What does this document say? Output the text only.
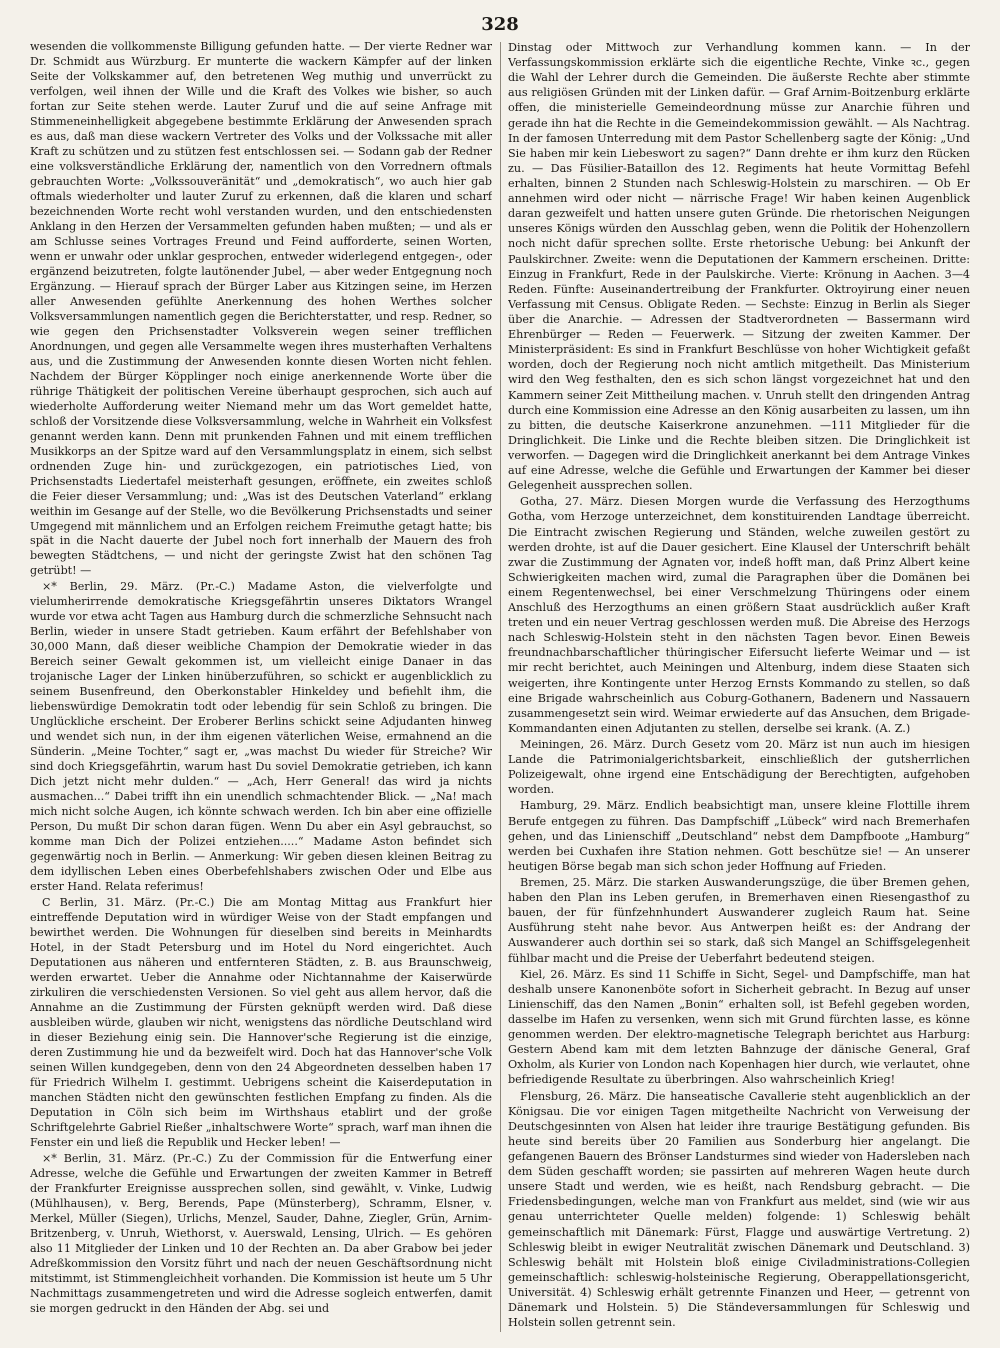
328

wesenden die vollkommenste Billigung gefunden hatte. — Der vierte Redner war Dr. Schmidt aus Würzburg. Er munterte die wackern Kämpfer auf der linken Seite der Volkskammer auf, den betretenen Weg muthig und unverrückt zu verfolgen, weil ihnen der Wille und die Kraft des Volkes wie bisher, so auch fortan zur Seite stehen werde. Lauter Zuruf und die auf seine Anfrage mit Stimmeneinhelligkeit abgegebene bestimmte Erklärung der Anwesenden sprach es aus, daß man diese wackern Vertreter des Volks und der Volkssache mit aller Kraft zu schützen und zu stützen fest entschlossen sei. — Sodann gab der Redner eine volksverständliche Erklärung der, namentlich von den Vorrednern oftmals gebrauchten Worte: „Volkssouveränität“ und „demokratisch“, wo auch hier gab oftmals wiederholter und lauter Zuruf zu erkennen, daß die klaren und scharf bezeichnenden Worte recht wohl verstanden wurden, und den entschiedensten Anklang in den Herzen der Versammelten gefunden haben mußten; — und als er am Schlusse seines Vortrages Freund und Feind aufforderte, seinen Worten, wenn er unwahr oder unklar gesprochen, entweder widerlegend entgegen-, oder ergänzend beizutreten, folgte lautönender Jubel, — aber weder Entgegnung noch Ergänzung. — Hierauf sprach der Bürger Laber aus Kitzingen seine, im Herzen aller Anwesenden gefühlte Anerkennung des hohen Werthes solcher Volksversammlungen namentlich gegen die Berichterstatter, und resp. Redner, so wie gegen den Prichsenstadter Volksverein wegen seiner trefflichen Anordnungen, und gegen alle Versammelte wegen ihres musterhaften Verhaltens aus, und die Zustimmung der Anwesenden konnte diesen Worten nicht fehlen. Nachdem der Bürger Köpplinger noch einige anerkennende Worte über die rührige Thätigkeit der politischen Vereine überhaupt gesprochen, sich auch auf wiederholte Aufforderung weiter Niemand mehr um das Wort gemeldet hatte, schloß der Vorsitzende diese Volksversammlung, welche in Wahrheit ein Volksfest genannt werden kann. Denn mit prunkenden Fahnen und mit einem trefflichen Musikkorps an der Spitze ward auf den Versammlungsplatz in einem, sich selbst ordnenden Zuge hin- und zurückgezogen, ein patriotisches Lied, von Prichsenstadts Liedertafel meisterhaft gesungen, eröffnete, ein zweites schloß die Feier dieser Versammlung; und: „Was ist des Deutschen Vaterland“ erklang weithin im Gesange auf der Stelle, wo die Bevölkerung Prichsenstadts und seiner Umgegend mit männlichem und an Erfolgen reichem Freimuthe getagt hatte; bis spät in die Nacht dauerte der Jubel noch fort innerhalb der Mauern des froh bewegten Städtchens, — und nicht der geringste Zwist hat den schönen Tag getrübt! —

×* Berlin, 29. März. (Pr.-C.) Madame Aston, die vielverfolgte und vielumherirrende demokratische Kriegsgefährtin unseres Diktators Wrangel wurde vor etwa acht Tagen aus Hamburg durch die schmerzliche Sehnsucht nach Berlin, wieder in unsere Stadt getrieben. Kaum erfährt der Befehlshaber von 30,000 Mann, daß dieser weibliche Champion der Demokratie wieder in das Bereich seiner Gewalt gekommen ist, um vielleicht einige Danaer in das trojanische Lager der Linken hinüberzuführen, so schickt er augenblicklich zu seinem Busenfreund, den Oberkonstabler Hinkeldey und befiehlt ihm, die liebenswürdige Demokratin todt oder lebendig für sein Schloß zu bringen. Die Unglückliche erscheint. Der Eroberer Berlins schickt seine Adjudanten hinweg und wendet sich nun, in der ihm eigenen väterlichen Weise, ermahnend an die Sünderin. „Meine Tochter,“ sagt er, „was machst Du wieder für Streiche? Wir sind doch Kriegsgefährtin, warum hast Du soviel Demokratie getrieben, ich kann Dich jetzt nicht mehr dulden.“ — „Ach, Herr General! das wird ja nichts ausmachen...“ Dabei trifft ihn ein unendlich schmachtender Blick. — „Na! mach mich nicht solche Augen, ich könnte schwach werden. Ich bin aber eine offizielle Person, Du mußt Dir schon daran fügen. Wenn Du aber ein Asyl gebrauchst, so komme man Dich der Polizei entziehen.....“ Madame Aston befindet sich gegenwärtig noch in Berlin. — Anmerkung: Wir geben diesen kleinen Beitrag zu dem idyllischen Leben eines Oberbefehlshabers zwischen Oder und Elbe aus erster Hand. Relata referimus!

C Berlin, 31. März. (Pr.-C.) Die am Montag Mittag aus Frankfurt hier eintreffende Deputation wird in würdiger Weise von der Stadt empfangen und bewirthet werden. Die Wohnungen für dieselben sind bereits in Meinhardts Hotel, in der Stadt Petersburg und im Hotel du Nord eingerichtet. Auch Deputationen aus näheren und entfernteren Städten, z. B. aus Braunschweig, werden erwartet. Ueber die Annahme oder Nichtannahme der Kaiserwürde zirkuliren die verschiedensten Versionen. So viel geht aus allem hervor, daß die Annahme an die Zustimmung der Fürsten geknüpft werden wird. Daß diese ausbleiben würde, glauben wir nicht, wenigstens das nördliche Deutschland wird in dieser Beziehung einig sein. Die Hannover'sche Regierung ist die einzige, deren Zustimmung hie und da bezweifelt wird. Doch hat das Hannover'sche Volk seinen Willen kundgegeben, denn von den 24 Abgeordneten desselben haben 17 für Friedrich Wilhelm I. gestimmt. Uebrigens scheint die Kaiserdeputation in manchen Städten nicht den gewünschten festlichen Empfang zu finden. Als die Deputation in Cöln sich beim im Wirthshaus etablirt und der große Schriftgelehrte Gabriel Rießer „inhaltschwere Worte“ sprach, warf man ihnen die Fenster ein und ließ die Republik und Hecker leben! —

×* Berlin, 31. März. (Pr.-C.) Zu der Commission für die Entwerfung einer Adresse, welche die Gefühle und Erwartungen der zweiten Kammer in Betreff der Frankfurter Ereignisse aussprechen sollen, sind gewählt, v. Vinke, Ludwig (Mühlhausen), v. Berg, Berends, Pape (Münsterberg), Schramm, Elsner, v. Merkel, Müller (Siegen), Urlichs, Menzel, Sauder, Dahne, Ziegler, Grün, Arnim-Britzenberg, v. Unruh, Wiethorst, v. Auerswald, Lensing, Ulrich. — Es gehören also 11 Mitglieder der Linken und 10 der Rechten an. Da aber Grabow bei jeder Adreßkommission den Vorsitz führt und nach der neuen Geschäftsordnung nicht mitstimmt, ist Stimmengleichheit vorhanden. Die Kommission ist heute um 5 Uhr Nachmittags zusammengetreten und wird die Adresse sogleich entwerfen, damit sie morgen gedruckt in den Händen der Abg. sei und

Dinstag oder Mittwoch zur Verhandlung kommen kann. — In der Verfassungskommission erklärte sich die eigentliche Rechte, Vinke ꝛc., gegen die Wahl der Lehrer durch die Gemeinden. Die äußerste Rechte aber stimmte aus religiösen Gründen mit der Linken dafür. — Graf Arnim-Boitzenburg erklärte offen, die ministerielle Gemeindeordnung müsse zur Anarchie führen und gerade ihn hat die Rechte in die Gemeindekommission gewählt. — Als Nachtrag. In der famosen Unterredung mit dem Pastor Schellenberg sagte der König: „Und Sie haben mir kein Liebeswort zu sagen?“ Dann drehte er ihm kurz den Rücken zu. — Das Füsilier-Bataillon des 12. Regiments hat heute Vormittag Befehl erhalten, binnen 2 Stunden nach Schleswig-Holstein zu marschiren. — Ob Er annehmen wird oder nicht — närrische Frage! Wir haben keinen Augenblick daran gezweifelt und hatten unsere guten Gründe. Die rhetorischen Neigungen unseres Königs würden den Ausschlag geben, wenn die Politik der Hohenzollern noch nicht dafür sprechen sollte. Erste rhetorische Uebung: bei Ankunft der Paulskirchner. Zweite: wenn die Deputationen der Kammern erscheinen. Dritte: Einzug in Frankfurt, Rede in der Paulskirche. Vierte: Krönung in Aachen. 3—4 Reden. Fünfte: Auseinandertreibung der Frankfurter. Oktroyirung einer neuen Verfassung mit Census. Obligate Reden. — Sechste: Einzug in Berlin als Sieger über die Anarchie. — Adressen der Stadtverordneten — Bassermann wird Ehrenbürger — Reden — Feuerwerk. — Sitzung der zweiten Kammer. Der Ministerpräsident: Es sind in Frankfurt Beschlüsse von hoher Wichtigkeit gefaßt worden, doch der Regierung noch nicht amtlich mitgetheilt. Das Ministerium wird den Weg festhalten, den es sich schon längst vorgezeichnet hat und den Kammern seiner Zeit Mittheilung machen. v. Unruh stellt den dringenden Antrag durch eine Kommission eine Adresse an den König ausarbeiten zu lassen, um ihn zu bitten, die deutsche Kaiserkrone anzunehmen. —111 Mitglieder für die Dringlichkeit. Die Linke und die Rechte bleiben sitzen. Die Dringlichkeit ist verworfen. — Dagegen wird die Dringlichkeit anerkannt bei dem Antrage Vinkes auf eine Adresse, welche die Gefühle und Erwartungen der Kammer bei dieser Gelegenheit aussprechen sollen.

Gotha, 27. März. Diesen Morgen wurde die Verfassung des Herzogthums Gotha, vom Herzoge unterzeichnet, dem konstituirenden Landtage überreicht. Die Eintracht zwischen Regierung und Ständen, welche zuweilen gestört zu werden drohte, ist auf die Dauer gesichert. Eine Klausel der Unterschrift behält zwar die Zustimmung der Agnaten vor, indeß hofft man, daß Prinz Albert keine Schwierigkeiten machen wird, zumal die Paragraphen über die Domänen bei einem Regentenwechsel, bei einer Verschmelzung Thüringens oder einem Anschluß des Herzogthums an einen größern Staat ausdrücklich außer Kraft treten und ein neuer Vertrag geschlossen werden muß. Die Abreise des Herzogs nach Schleswig-Holstein steht in den nächsten Tagen bevor. Einen Beweis freundnachbarschaftlicher thüringischer Eifersucht lieferte Weimar und — ist mir recht berichtet, auch Meiningen und Altenburg, indem diese Staaten sich weigerten, ihre Kontingente unter Herzog Ernsts Kommando zu stellen, so daß eine Brigade wahrscheinlich aus Coburg-Gothanern, Badenern und Nassauern zusammengesetzt sein wird. Weimar erwiederte auf das Ansuchen, dem Brigade-Kommandanten einen Adjutanten zu stellen, derselbe sei krank. (A. Z.)

Meiningen, 26. März. Durch Gesetz vom 20. März ist nun auch im hiesigen Lande die Patrimonialgerichtsbarkeit, einschließlich der gutsherrlichen Polizeigewalt, ohne irgend eine Entschädigung der Berechtigten, aufgehoben worden.

Hamburg, 29. März. Endlich beabsichtigt man, unsere kleine Flottille ihrem Berufe entgegen zu führen. Das Dampfschiff „Lübeck“ wird nach Bremerhafen gehen, und das Linienschiff „Deutschland“ nebst dem Dampfboote „Hamburg“ werden bei Cuxhafen ihre Station nehmen. Gott beschütze sie! — An unserer heutigen Börse begab man sich schon jeder Hoffnung auf Frieden.

Bremen, 25. März. Die starken Auswanderungszüge, die über Bremen gehen, haben den Plan ins Leben gerufen, in Bremerhaven einen Riesengasthof zu bauen, der für fünfzehnhundert Auswanderer zugleich Raum hat. Seine Ausführung steht nahe bevor. Aus Antwerpen heißt es: der Andrang der Auswanderer auch dorthin sei so stark, daß sich Mangel an Schiffsgelegenheit fühlbar macht und die Preise der Ueberfahrt bedeutend steigen.

Kiel, 26. März. Es sind 11 Schiffe in Sicht, Segel- und Dampfschiffe, man hat deshalb unsere Kanonenböte sofort in Sicherheit gebracht. In Bezug auf unser Linienschiff, das den Namen „Bonin“ erhalten soll, ist Befehl gegeben worden, dasselbe im Hafen zu versenken, wenn sich mit Grund fürchten lasse, es könne genommen werden. Der elektro-magnetische Telegraph berichtet aus Harburg: Gestern Abend kam mit dem letzten Bahnzuge der dänische General, Graf Oxholm, als Kurier von London nach Kopenhagen hier durch, wie verlautet, ohne befriedigende Resultate zu überbringen. Also wahrscheinlich Krieg!

Flensburg, 26. März. Die hanseatische Cavallerie steht augenblicklich an der Königsau. Die vor einigen Tagen mitgetheilte Nachricht von Verweisung der Deutschgesinnten von Alsen hat leider ihre traurige Bestätigung gefunden. Bis heute sind bereits über 20 Familien aus Sonderburg hier angelangt. Die gefangenen Bauern des Brönser Landsturmes sind wieder von Hadersleben nach dem Süden geschafft worden; sie passirten auf mehreren Wagen heute durch unsere Stadt und werden, wie es heißt, nach Rendsburg gebracht. — Die Friedensbedingungen, welche man von Frankfurt aus meldet, sind (wie wir aus genau unterrichteter Quelle melden) folgende: 1) Schleswig behält gemeinschaftlich mit Dänemark: Fürst, Flagge und auswärtige Vertretung. 2) Schleswig bleibt in ewiger Neutralität zwischen Dänemark und Deutschland. 3) Schleswig behält mit Holstein bloß einige Civiladministrations-Collegien gemeinschaftlich: schleswig-holsteinische Regierung, Oberappellationsgericht, Universität. 4) Schleswig erhält getrennte Finanzen und Heer, — getrennt von Dänemark und Holstein. 5) Die Ständeversammlungen für Schleswig und Holstein sollen getrennt sein.
